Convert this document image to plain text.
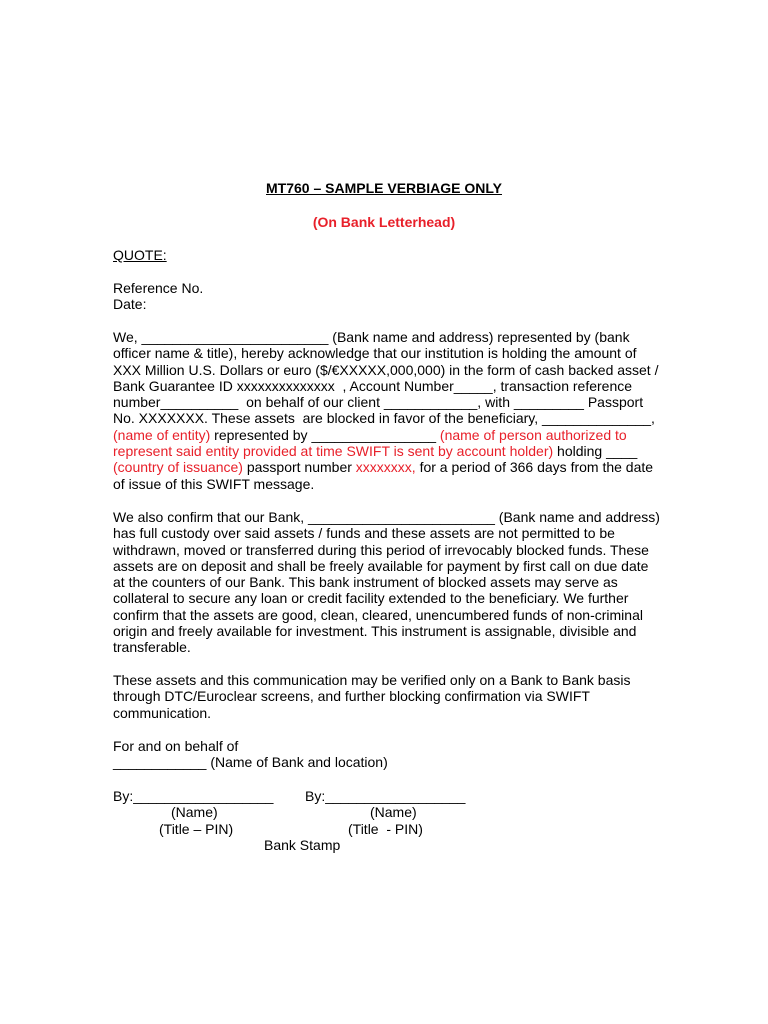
MT760 – SAMPLE VERBIAGE ONLY
(On Bank Letterhead)
QUOTE:
Reference No.
Date:
We, ________________________ (Bank name and address) represented by (bank
officer name & title), hereby acknowledge that our institution is holding the amount of
XXX Million U.S. Dollars or euro ($/€XXXXX,000,000) in the form of cash backed asset /
Bank Guarantee ID xxxxxxxxxxxxxx  , Account Number_____, transaction reference
number__________  on behalf of our client ____________, with _________ Passport
No. XXXXXXX. These assets  are blocked in favor of the beneficiary, ______________,
(name of entity) represented by ________________ (name of person authorized to
represent said entity provided at time SWIFT is sent by account holder) holding ____
(country of issuance) passport number xxxxxxxx, for a period of 366 days from the date
of issue of this SWIFT message.
We also confirm that our Bank, ________________________ (Bank name and address)
has full custody over said assets / funds and these assets are not permitted to be
withdrawn, moved or transferred during this period of irrevocably blocked funds. These
assets are on deposit and shall be freely available for payment by first call on due date
at the counters of our Bank. This bank instrument of blocked assets may serve as
collateral to secure any loan or credit facility extended to the beneficiary. We further
confirm that the assets are good, clean, cleared, unencumbered funds of non-criminal
origin and freely available for investment. This instrument is assignable, divisible and
transferable.
These assets and this communication may be verified only on a Bank to Bank basis
through DTC/Euroclear screens, and further blocking confirmation via SWIFT
communication.
For and on behalf of
____________ (Name of Bank and location)
By:__________________ By:__________________
(Name)	(Name)
(Title – PIN)	(Title  - PIN)
Bank Stamp
